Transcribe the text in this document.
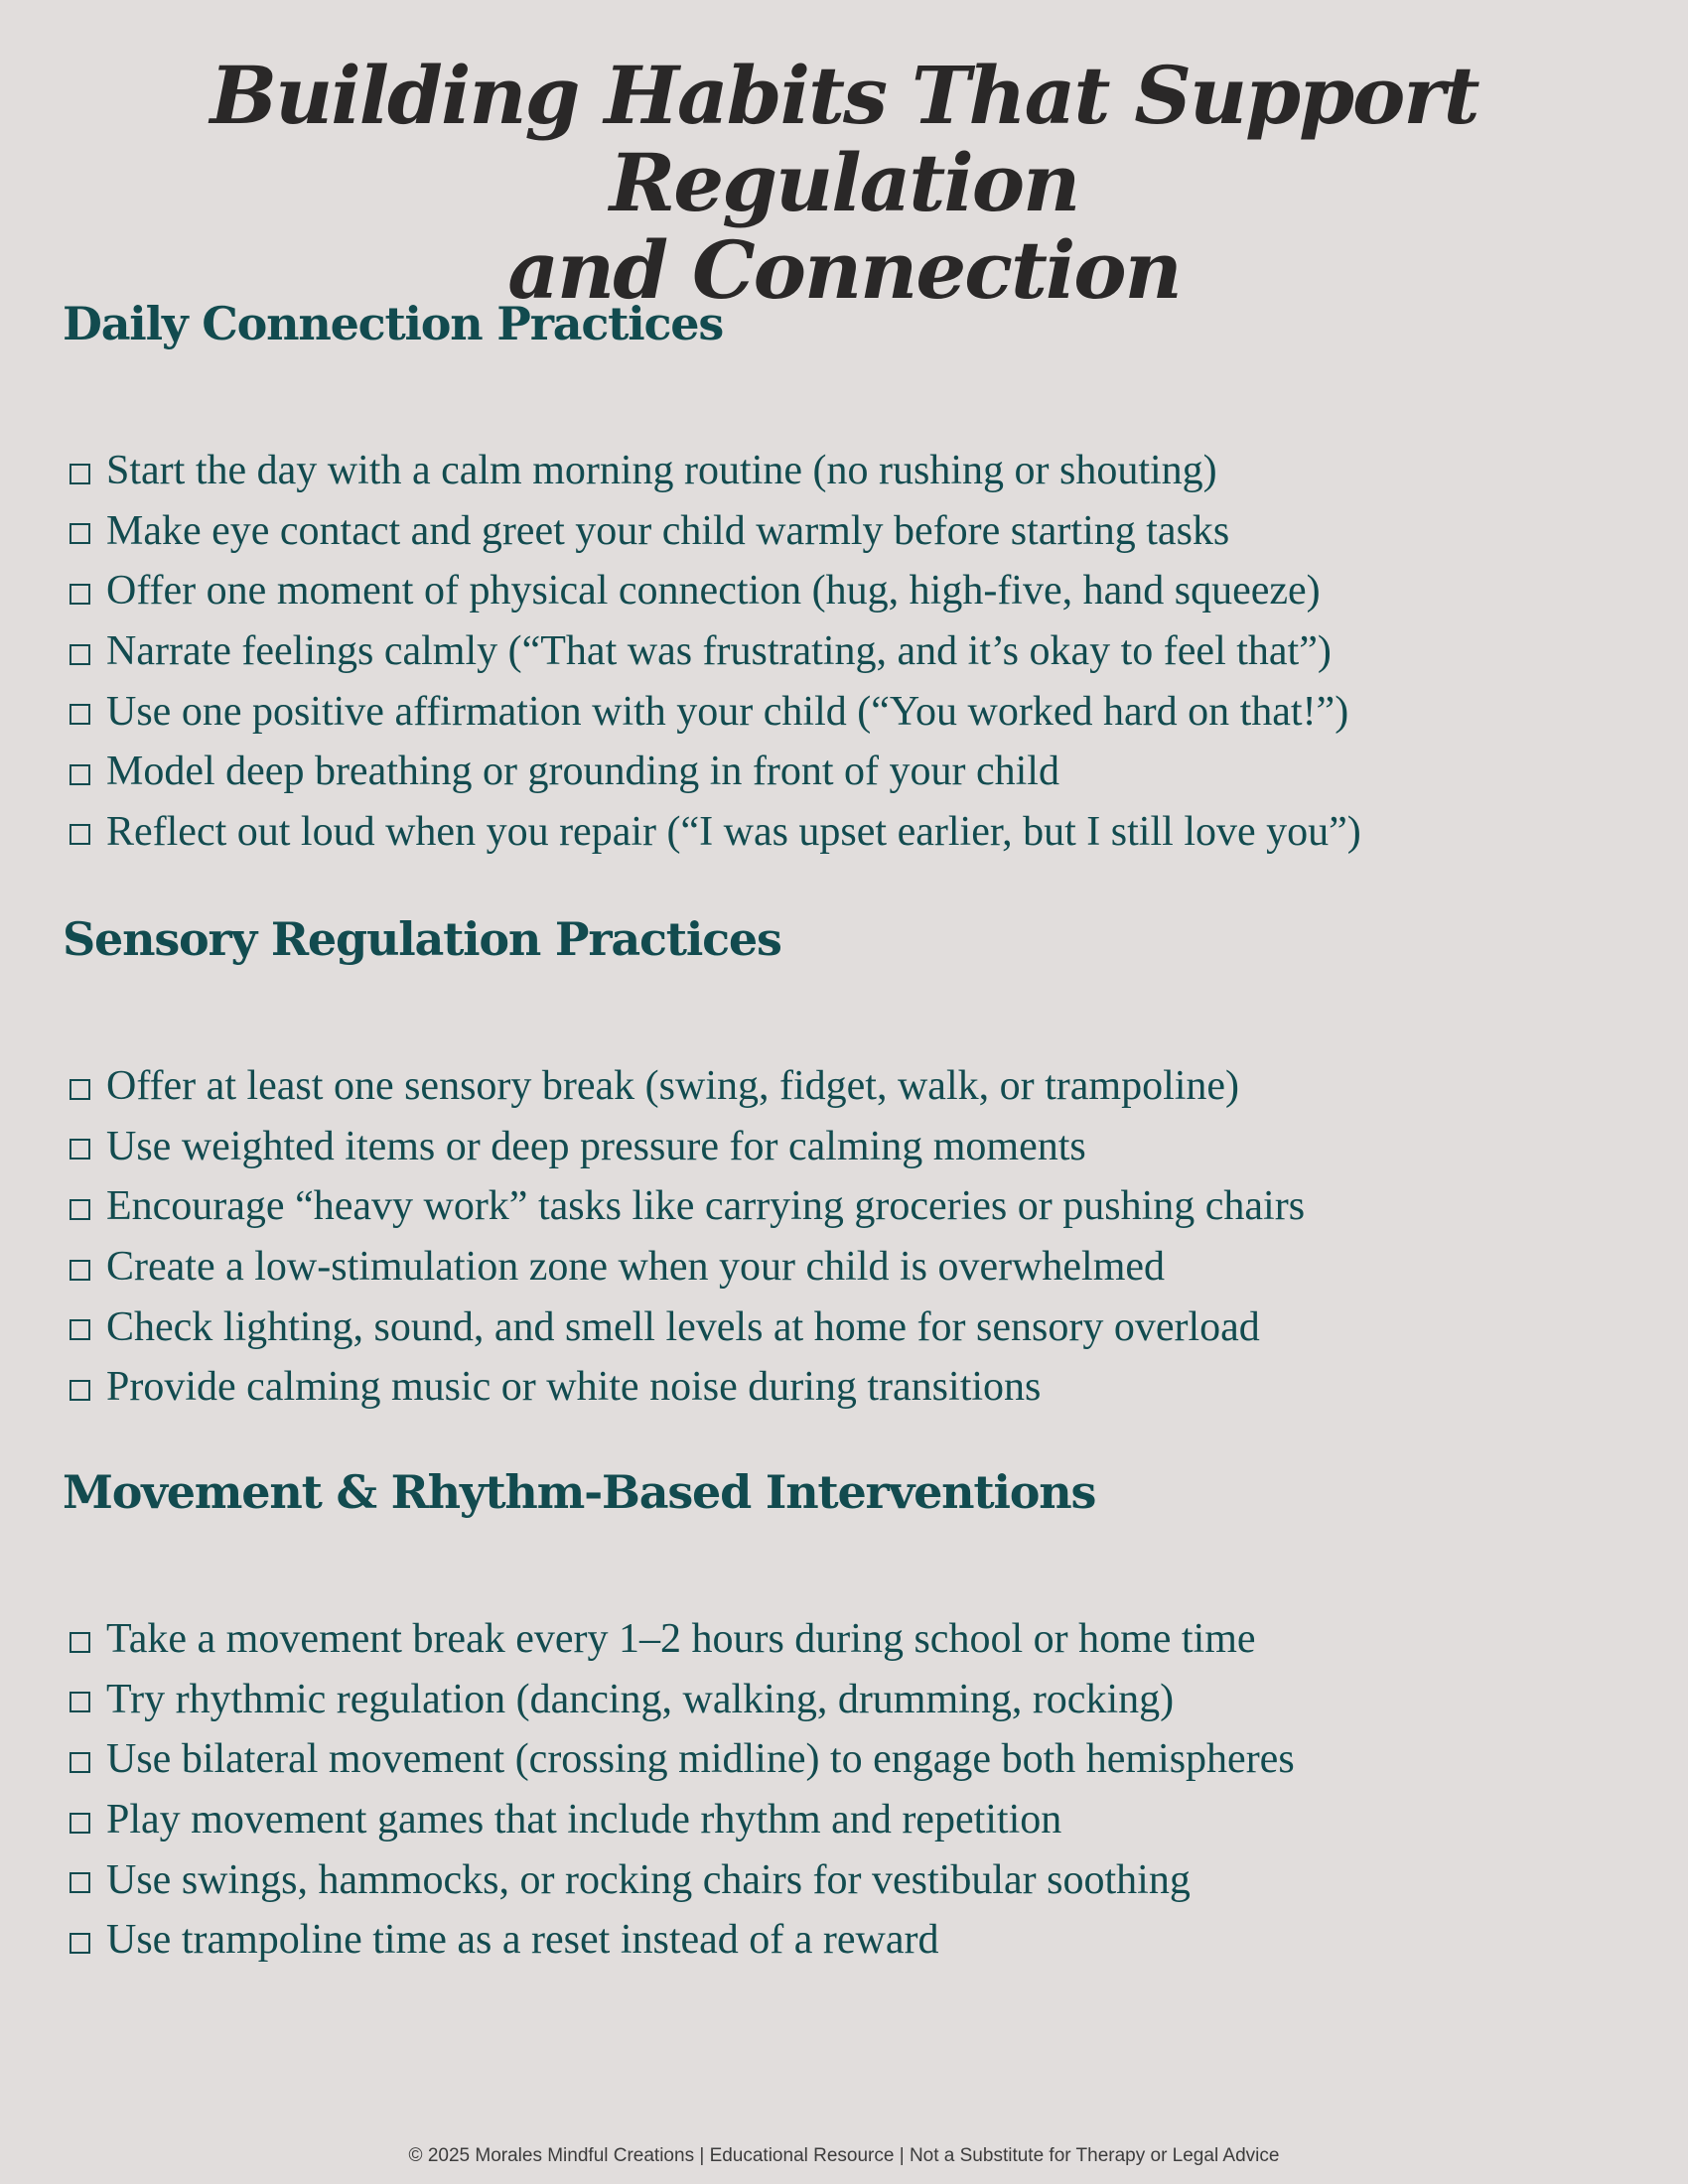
Building Habits That Support Regulation
and Connection
Daily Connection Practices
Start the day with a calm morning routine (no rushing or shouting)
Make eye contact and greet your child warmly before starting tasks
Offer one moment of physical connection (hug, high-five, hand squeeze)
Narrate feelings calmly (“That was frustrating, and it’s okay to feel that”)
Use one positive affirmation with your child (“You worked hard on that!”)
Model deep breathing or grounding in front of your child
Reflect out loud when you repair (“I was upset earlier, but I still love you”)
Sensory Regulation Practices
Offer at least one sensory break (swing, fidget, walk, or trampoline)
Use weighted items or deep pressure for calming moments
Encourage “heavy work” tasks like carrying groceries or pushing chairs
Create a low-stimulation zone when your child is overwhelmed
Check lighting, sound, and smell levels at home for sensory overload
Provide calming music or white noise during transitions
Movement & Rhythm-Based Interventions
Take a movement break every 1–2 hours during school or home time
Try rhythmic regulation (dancing, walking, drumming, rocking)
Use bilateral movement (crossing midline) to engage both hemispheres
Play movement games that include rhythm and repetition
Use swings, hammocks, or rocking chairs for vestibular soothing
Use trampoline time as a reset instead of a reward

© 2025 Morales Mindful Creations | Educational Resource | Not a Substitute for Therapy or Legal Advice
